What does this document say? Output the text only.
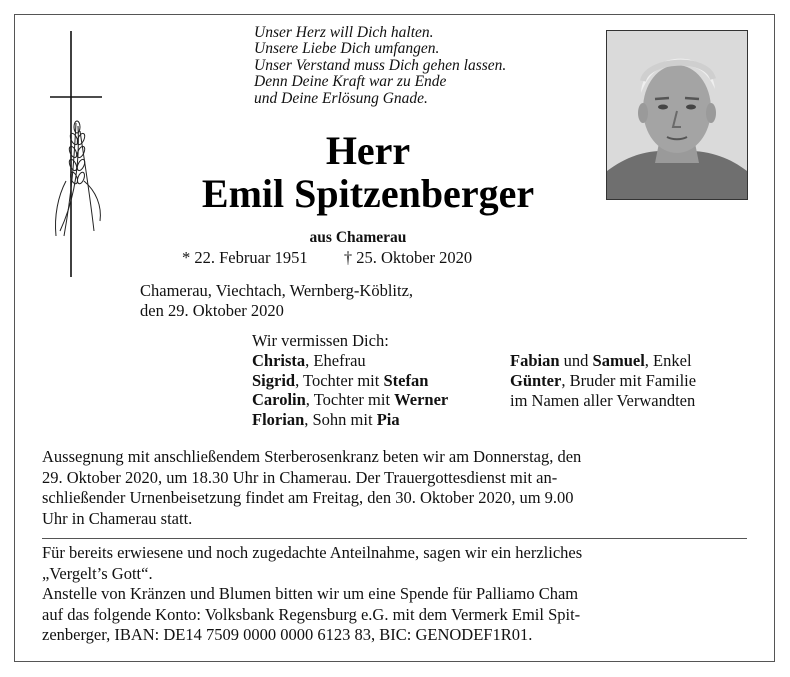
Unser Herz will Dich halten.
Unsere Liebe Dich umfangen.
Unser Verstand muss Dich gehen lassen.
Denn Deine Kraft war zu Ende
und Deine Erlösung Gnade.
Herr
Emil Spitzenberger
aus Chamerau
* 22. Februar 1951 † 25. Oktober 2020
Chamerau, Viechtach, Wernberg-Köblitz,
den 29. Oktober 2020
Wir vermissen Dich:
Christa, Ehefrau
Sigrid, Tochter mit Stefan
Carolin, Tochter mit Werner
Florian, Sohn mit Pia
Fabian und Samuel, Enkel
Günter, Bruder mit Familie
im Namen aller Verwandten
Aussegnung mit anschließendem Sterberosenkranz beten wir am Donnerstag, den
29. Oktober 2020, um 18.30 Uhr in Chamerau. Der Trauergottesdienst mit an-
schließender Urnenbeisetzung findet am Freitag, den 30. Oktober 2020, um 9.00
Uhr in Chamerau statt.
Für bereits erwiesene und noch zugedachte Anteilnahme, sagen wir ein herzliches
„Vergelt’s Gott“.
Anstelle von Kränzen und Blumen bitten wir um eine Spende für Palliamo Cham
auf das folgende Konto: Volksbank Regensburg e.G. mit dem Vermerk Emil Spit-
zenberger, IBAN: DE14 7509 0000 0000 6123 83, BIC: GENODEF1R01.
